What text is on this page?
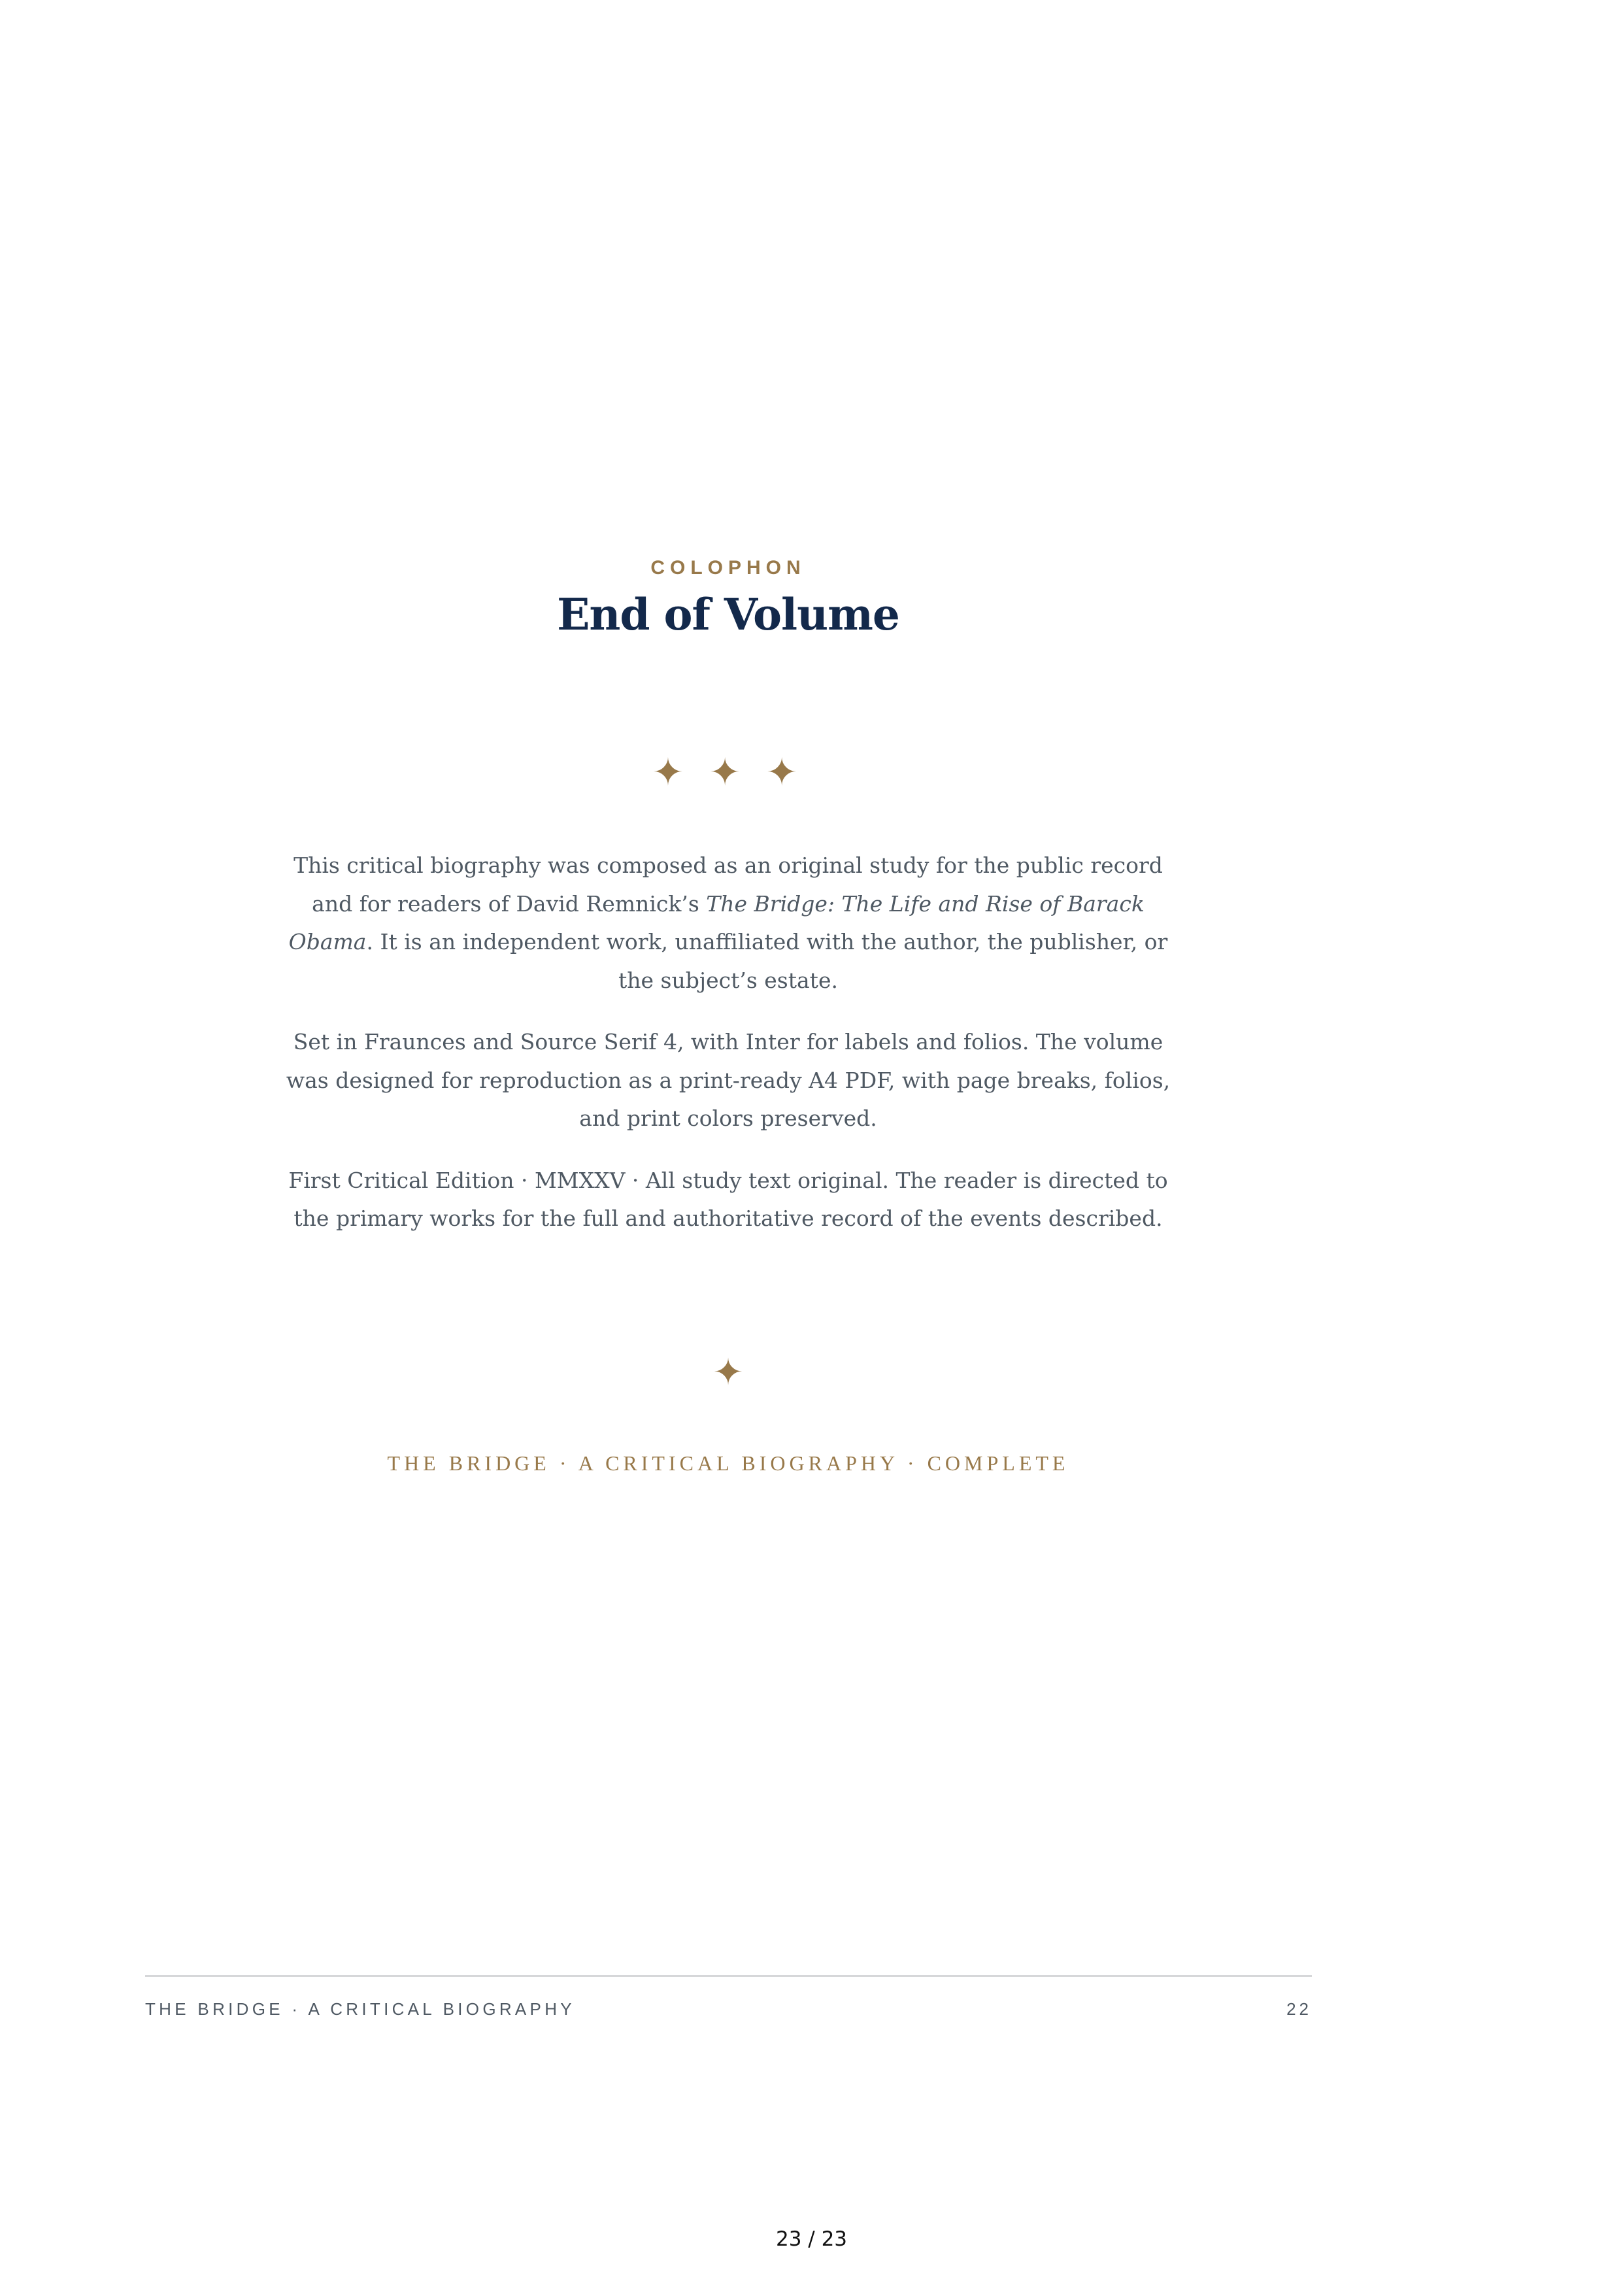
COLOPHON
End of Volume
✦ ✦ ✦

This critical biography was composed as an original study for the public record and for readers of David Remnick’s The Bridge: The Life and Rise of Barack Obama. It is an independent work, unaffiliated with the author, the publisher, or the subject’s estate.

Set in Fraunces and Source Serif 4, with Inter for labels and folios. The volume was designed for reproduction as a print-ready A4 PDF, with page breaks, folios, and print colors preserved.

First Critical Edition · MMXXV · All study text original. The reader is directed to the primary works for the full and authoritative record of the events described.

✦
THE BRIDGE · A CRITICAL BIOGRAPHY · COMPLETE
THE BRIDGE · A CRITICAL BIOGRAPHY	22
23 / 23
